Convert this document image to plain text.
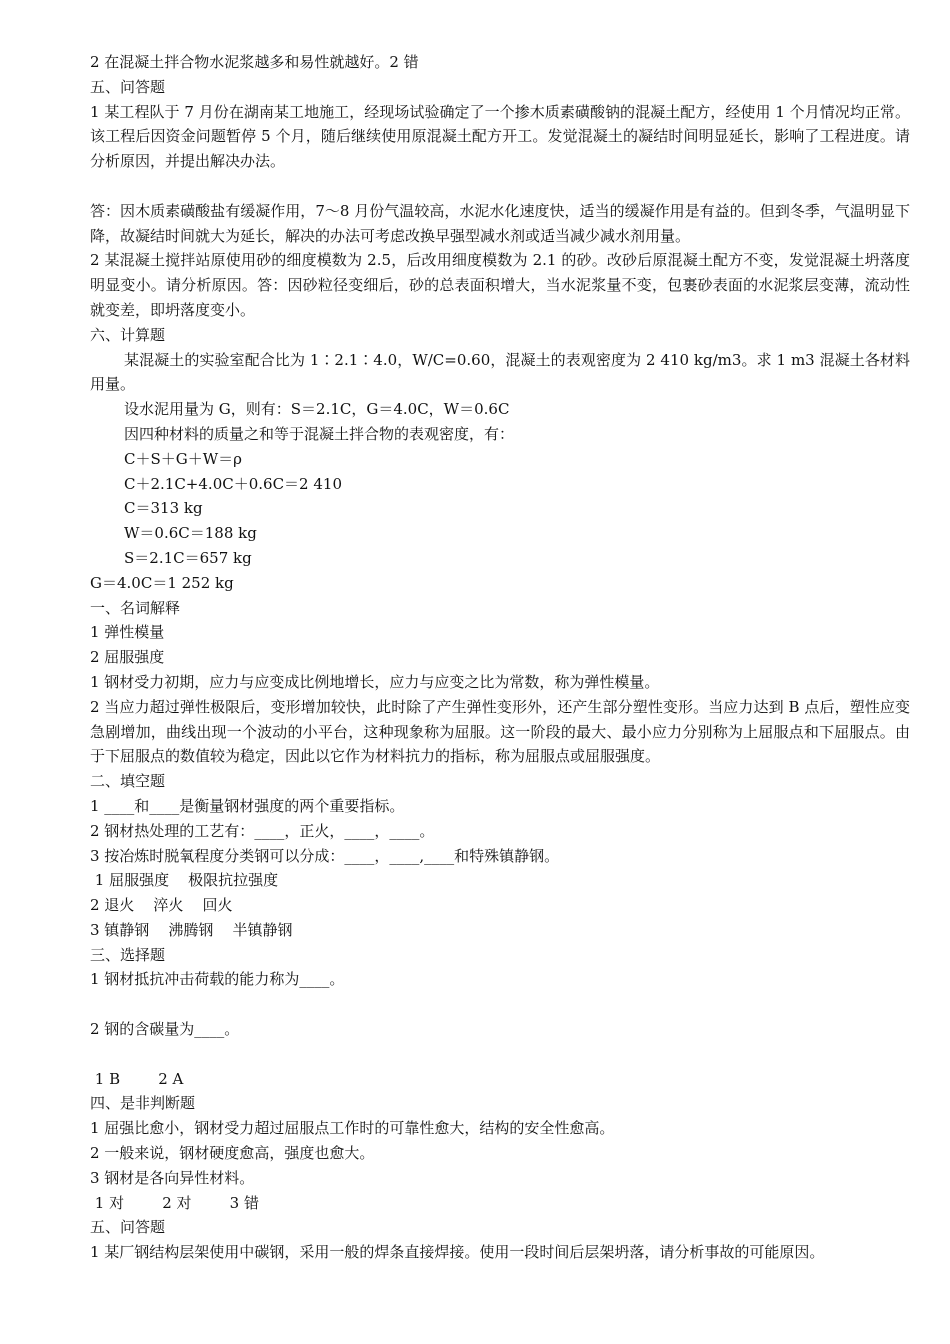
2 在混凝土拌合物水泥浆越多和易性就越好。2 错
五、问答题
1 某工程队于 7 月份在湖南某工地施工，经现场试验确定了一个掺木质素磺酸钠的混凝土配方，经使用 1 个月情况均正常。该工程后因资金问题暂停 5 个月，随后继续使用原混凝土配方开工。发觉混凝土的凝结时间明显延长，影响了工程进度。请分析原因，并提出解决办法。
答：因木质素磺酸盐有缓凝作用，7～8 月份气温较高，水泥水化速度快，适当的缓凝作用是有益的。但到冬季，气温明显下降，故凝结时间就大为延长，解决的办法可考虑改换早强型减水剂或适当减少减水剂用量。
2 某混凝土搅拌站原使用砂的细度模数为 2.5，后改用细度模数为 2.1 的砂。改砂后原混凝土配方不变，发觉混凝土坍落度明显变小。请分析原因。答：因砂粒径变细后，砂的总表面积增大，当水泥浆量不变，包裹砂表面的水泥浆层变薄，流动性就变差，即坍落度变小。
六、计算题
某混凝土的实验室配合比为 1∶2.1∶4.0，W/C=0.60，混凝土的表观密度为 2 410 kg/m3。求 1 m3 混凝土各材料用量。
设水泥用量为 G，则有：S＝2.1C，G＝4.0C，W＝0.6C
因四种材料的质量之和等于混凝土拌合物的表观密度，有：
C＋S＋G＋W＝ρ
C＋2.1C+4.0C＋0.6C＝2 410
C＝313 kg
W＝0.6C＝188 kg
S＝2.1C＝657 kg
G＝4.0C＝1 252 kg
一、名词解释
1 弹性模量
2 屈服强度
1 钢材受力初期，应力与应变成比例地增长，应力与应变之比为常数，称为弹性模量。
2 当应力超过弹性极限后，变形增加较快，此时除了产生弹性变形外，还产生部分塑性变形。当应力达到 B 点后，塑性应变急剧增加，曲线出现一个波动的小平台，这种现象称为屈服。这一阶段的最大、最小应力分别称为上屈服点和下屈服点。由于下屈服点的数值较为稳定，因此以它作为材料抗力的指标，称为屈服点或屈服强度。
二、填空题
1 ____和____是衡量钢材强度的两个重要指标。
2 钢材热处理的工艺有：____，正火，____，____。
3 按冶炼时脱氧程度分类钢可以分成：____，____,____和特殊镇静钢。
1 屈服强度    极限抗拉强度
2 退火    淬火    回火
3 镇静钢    沸腾钢    半镇静钢
三、选择题
1 钢材抵抗冲击荷载的能力称为____。

2 钢的含碳量为____。

1 B        2 A
四、是非判断题
1 屈强比愈小，钢材受力超过屈服点工作时的可靠性愈大，结构的安全性愈高。
2 一般来说，钢材硬度愈高，强度也愈大。
3 钢材是各向异性材料。
1 对        2 对        3 错
五、问答题
1 某厂钢结构层架使用中碳钢，采用一般的焊条直接焊接。使用一段时间后层架坍落，请分析事故的可能原因。
